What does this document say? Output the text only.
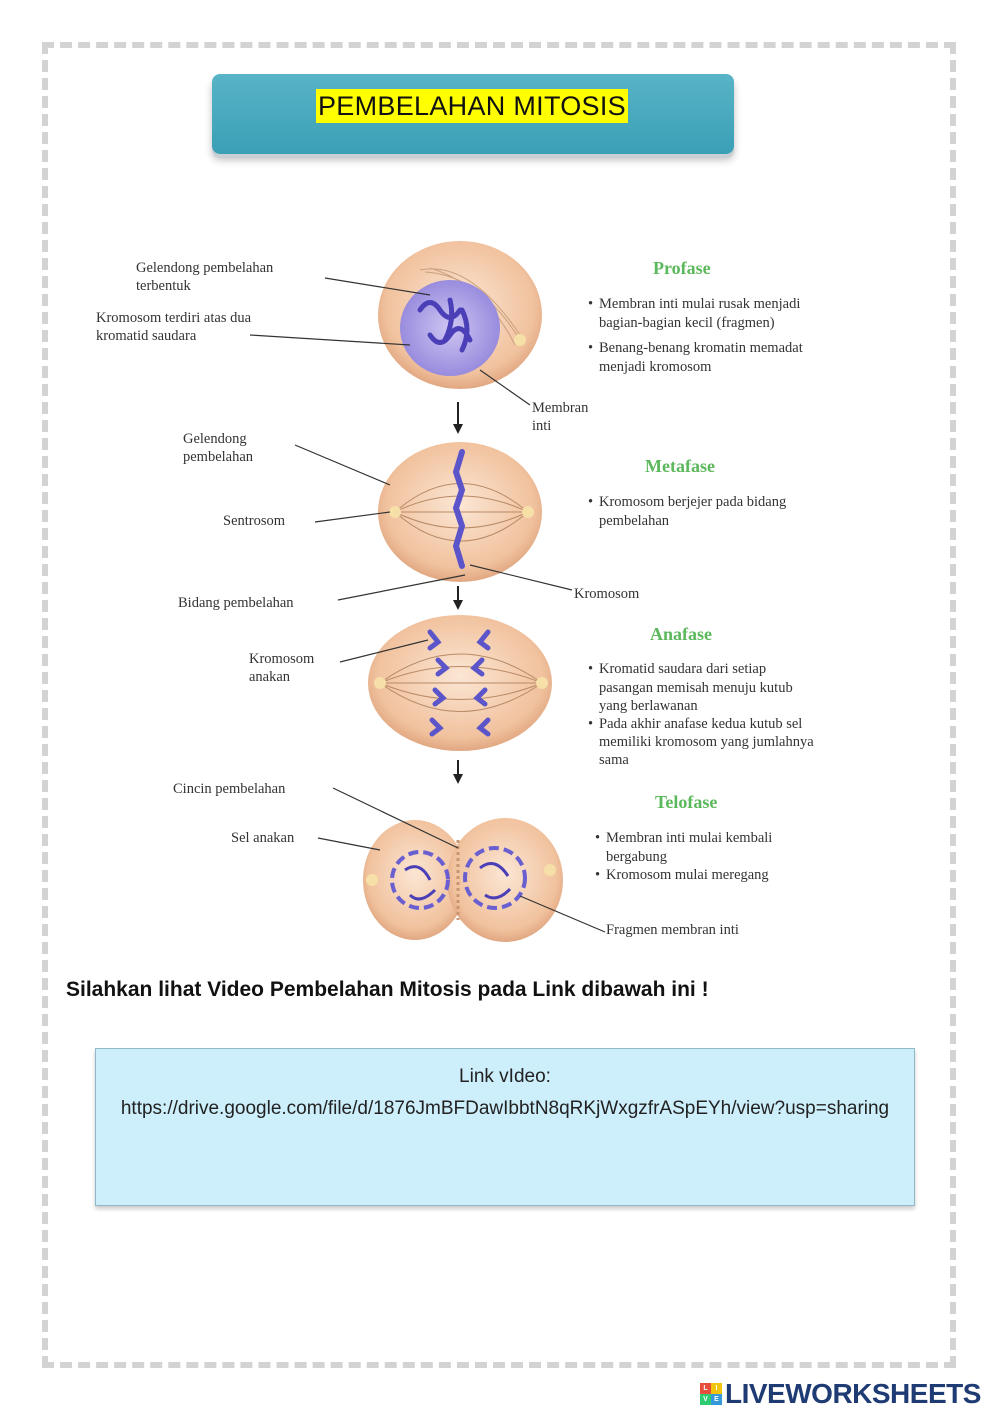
PEMBELAHAN MITOSIS
Gelendong pembelahan
terbentuk
Kromosom terdiri atas dua
kromatid saudara
Membran
inti
Profase
• Membran inti mulai rusak menjadi
bagian-bagian kecil (fragmen)
• Benang-benang kromatin memadat
menjadi kromosom
Gelendong
pembelahan
Sentrosom
Bidang pembelahan
Kromosom
Metafase
• Kromosom berjejer pada bidang
pembelahan
Kromosom
anakan
Anafase
• Kromatid saudara dari setiap
pasangan memisah menuju kutub
yang berlawanan
• Pada akhir anafase kedua kutub sel
memiliki kromosom yang jumlahnya
sama
Cincin pembelahan
Sel anakan
Fragmen membran inti
Telofase
• Membran inti mulai kembali
bergabung
• Kromosom mulai meregang
Silahkan lihat Video Pembelahan Mitosis pada Link dibawah ini !
Link vIdeo:
https://drive.google.com/file/d/1876JmBFDawIbbtN8qRKjWxgzfrASpEYh/view?usp=sharing
L	I
V E LIVEWORKSHEETS
